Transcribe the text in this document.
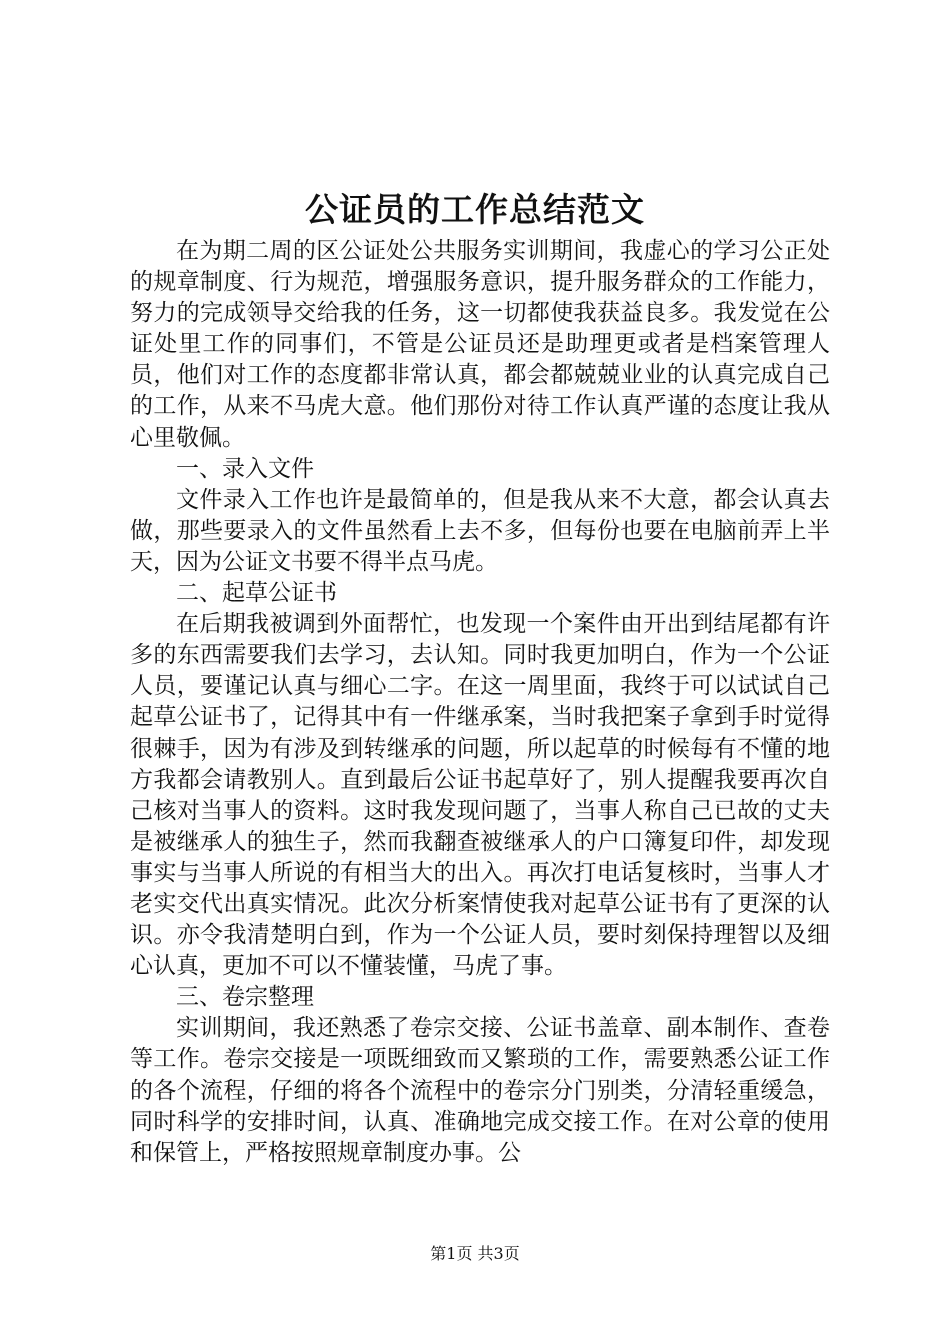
公证员的工作总结范文

在为期二周的区公证处公共服务实训期间，我虚心的学习公正处的规章制度、行为规范，增强服务意识，提升服务群众的工作能力，努力的完成领导交给我的任务，这一切都使我获益良多。我发觉在公证处里工作的同事们，不管是公证员还是助理更或者是档案管理人员，他们对工作的态度都非常认真，都会都兢兢业业的认真完成自己的工作，从来不马虎大意。他们那份对待工作认真严谨的态度让我从心里敬佩。

一、录入文件

文件录入工作也许是最简单的，但是我从来不大意，都会认真去做，那些要录入的文件虽然看上去不多，但每份也要在电脑前弄上半天，因为公证文书要不得半点马虎。

二、起草公证书

在后期我被调到外面帮忙，也发现一个案件由开出到结尾都有许多的东西需要我们去学习，去认知。同时我更加明白，作为一个公证人员，要谨记认真与细心二字。在这一周里面，我终于可以试试自己起草公证书了，记得其中有一件继承案，当时我把案子拿到手时觉得很棘手，因为有涉及到转继承的问题，所以起草的时候每有不懂的地方我都会请教别人。直到最后公证书起草好了，别人提醒我要再次自己核对当事人的资料。这时我发现问题了，当事人称自己已故的丈夫是被继承人的独生子，然而我翻查被继承人的户口簿复印件，却发现事实与当事人所说的有相当大的出入。再次打电话复核时，当事人才老实交代出真实情况。此次分析案情使我对起草公证书有了更深的认识。亦令我清楚明白到，作为一个公证人员，要时刻保持理智以及细心认真，更加不可以不懂装懂，马虎了事。

三、卷宗整理

实训期间，我还熟悉了卷宗交接、公证书盖章、副本制作、查卷等工作。卷宗交接是一项既细致而又繁琐的工作，需要熟悉公证工作的各个流程，仔细的将各个流程中的卷宗分门别类，分清轻重缓急，同时科学的安排时间，认真、准确地完成交接工作。在对公章的使用和保管上，严格按照规章制度办事。公

第1页 共3页
